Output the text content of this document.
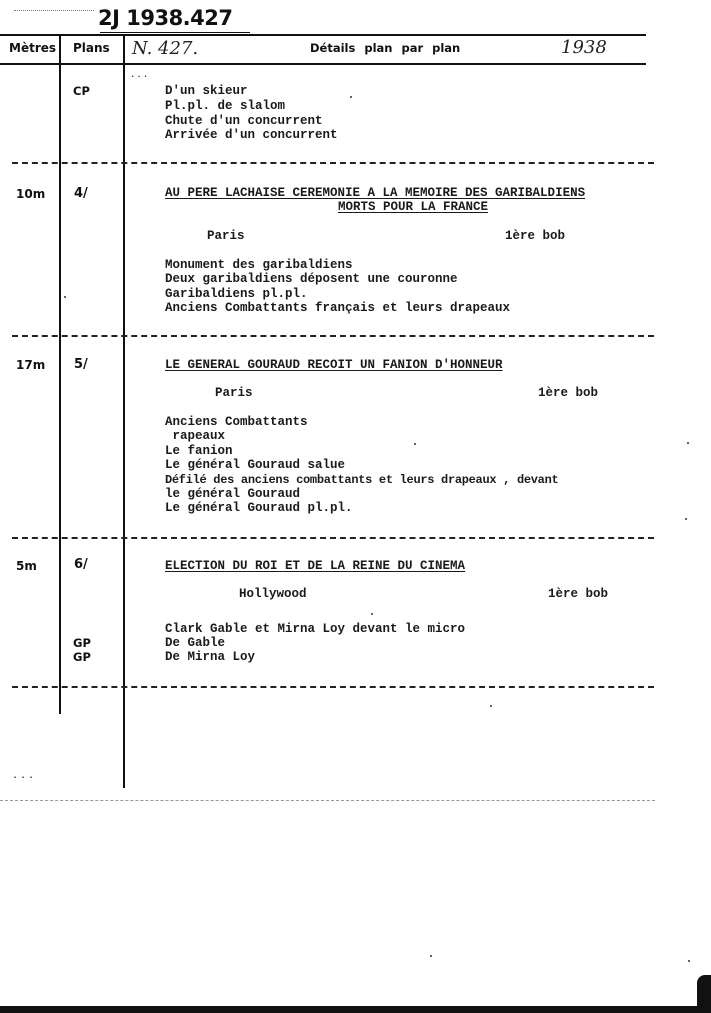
2J 1938.427
Mètres Plans N. 427.	Détails plan par plan	1938
...
CP	D'un skieur
Pl.pl. de slalom
Chute d'un concurrent
Arrivée d'un concurrent
10m 4/	AU PERE LACHAISE CEREMONIE A LA MEMOIRE DES GARIBALDIENS
MORTS POUR LA FRANCE
Paris	1ère bob
Monument des garibaldiens
Deux garibaldiens déposent une couronne
Garibaldiens pl.pl.
Anciens Combattants français et leurs drapeaux
17m 5/	LE GENERAL GOURAUD RECOIT UN FANION D'HONNEUR
Paris	1ère bob
Anciens Combattants
rapeaux
Le fanion
Le général Gouraud salue
Défilé des anciens combattants et leurs drapeaux , devant
le général Gouraud
Le général Gouraud pl.pl.
5m	6/	ELECTION DU ROI ET DE LA REINE DU CINEMA
Hollywood	1ère bob
Clark Gable et Mirna Loy devant le micro
GP	De Gable
GP	De Mirna Loy
...
